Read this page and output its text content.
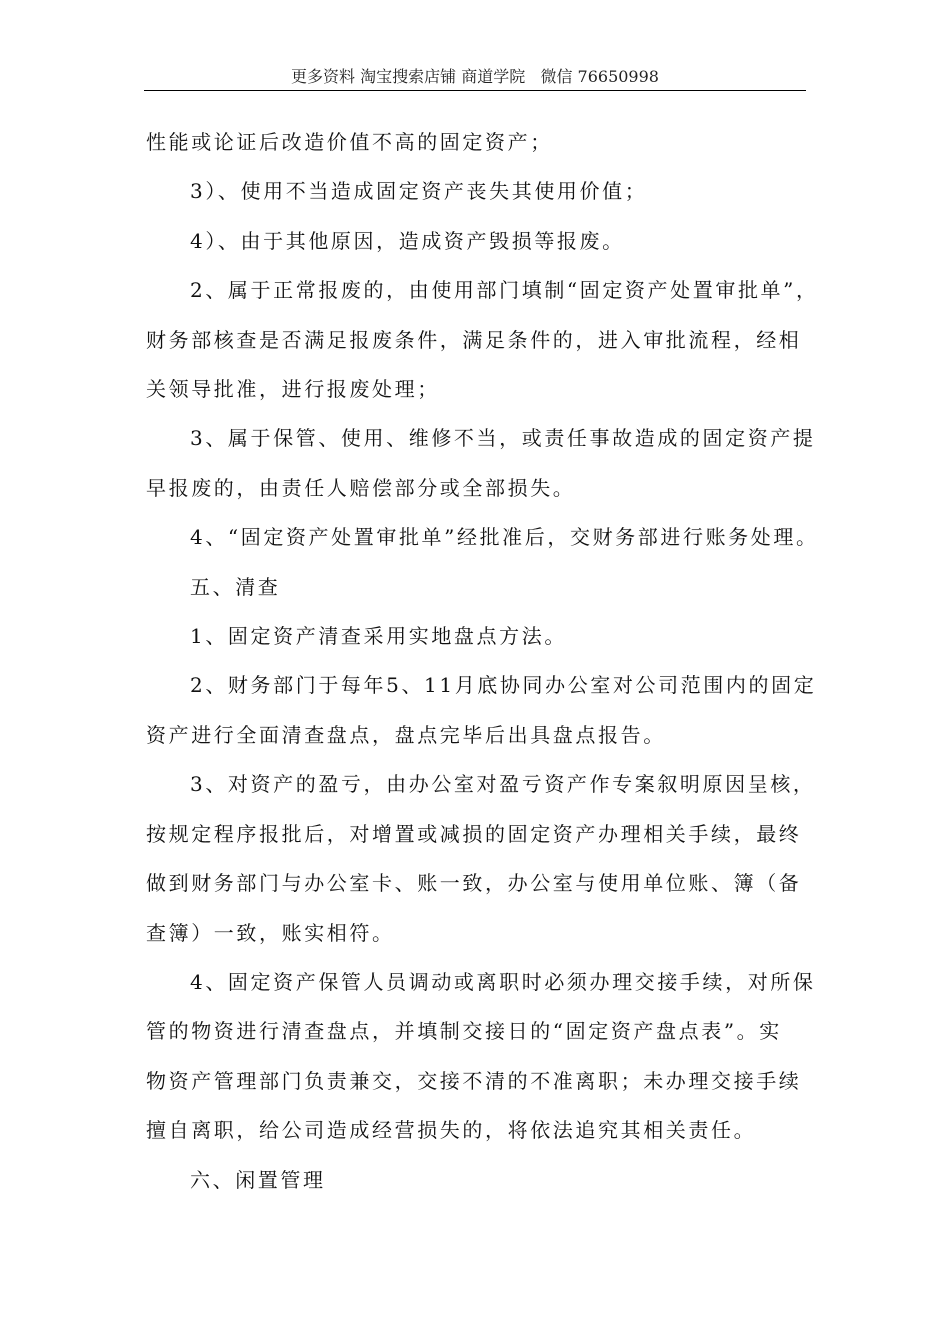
更多资料 淘宝搜索店铺 商道学院   微信 76650998

性能或论证后改造价值不高的固定资产；

3）、使用不当造成固定资产丧失其使用价值；

4）、由于其他原因，造成资产毁损等报废。

2、属于正常报废的，由使用部门填制“固定资产处置审批单”，

财务部核查是否满足报废条件，满足条件的，进入审批流程，经相

关领导批准，进行报废处理；

3、属于保管、使用、维修不当，或责任事故造成的固定资产提

早报废的，由责任人赔偿部分或全部损失。

4、“固定资产处置审批单”经批准后，交财务部进行账务处理。

五、清查

1、固定资产清查采用实地盘点方法。

2、财务部门于每年5、11月底协同办公室对公司范围内的固定

资产进行全面清查盘点，盘点完毕后出具盘点报告。

3、对资产的盈亏，由办公室对盈亏资产作专案叙明原因呈核，

按规定程序报批后，对增置或减损的固定资产办理相关手续，最终

做到财务部门与办公室卡、账一致，办公室与使用单位账、簿（备

查簿）一致，账实相符。

4、固定资产保管人员调动或离职时必须办理交接手续，对所保

管的物资进行清查盘点，并填制交接日的“固定资产盘点表”。实

物资产管理部门负责兼交，交接不清的不准离职；未办理交接手续

擅自离职，给公司造成经营损失的，将依法追究其相关责任。

六、闲置管理
